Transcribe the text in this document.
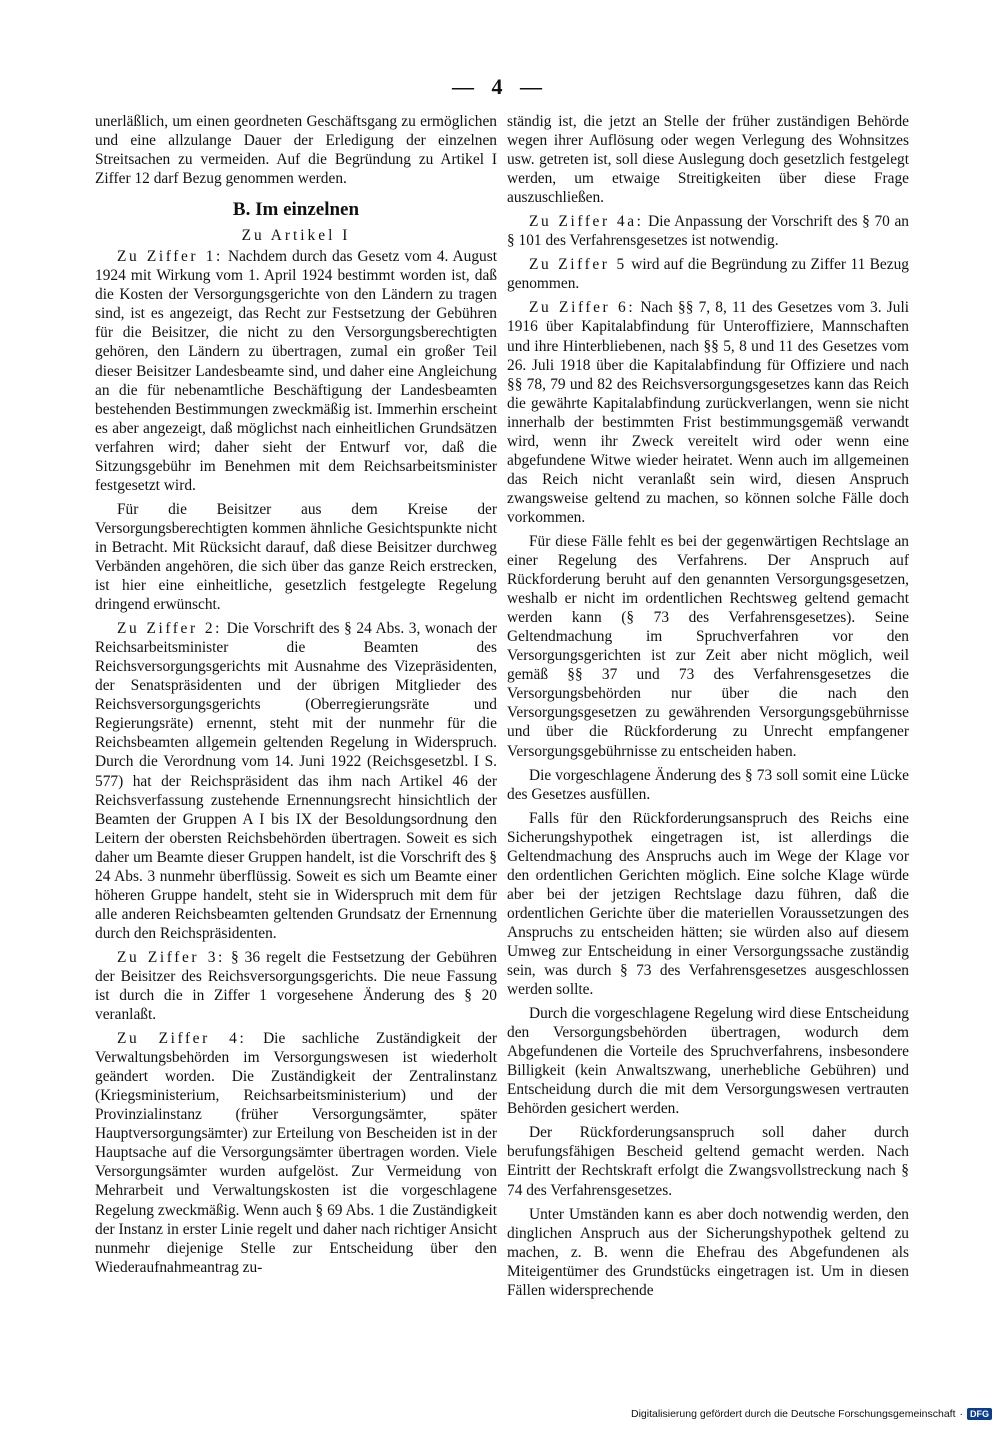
— 4 —

unerläßlich, um einen geordneten Geschäftsgang zu ermöglichen und eine allzulange Dauer der Erledigung der einzelnen Streitsachen zu vermeiden. Auf die Begründung zu Artikel I Ziffer 12 darf Bezug genommen werden.

B. Im einzelnen
Zu Artikel I

Zu Ziffer 1: Nachdem durch das Gesetz vom 4. August 1924 mit Wirkung vom 1. April 1924 bestimmt worden ist, daß die Kosten der Versorgungsgerichte von den Ländern zu tragen sind, ist es angezeigt, das Recht zur Festsetzung der Gebühren für die Beisitzer, die nicht zu den Versorgungsberechtigten gehören, den Ländern zu übertragen, zumal ein großer Teil dieser Beisitzer Landesbeamte sind, und daher eine Angleichung an die für nebenamtliche Beschäftigung der Landesbeamten bestehenden Bestimmungen zweckmäßig ist. Immerhin erscheint es aber angezeigt, daß möglichst nach einheitlichen Grundsätzen verfahren wird; daher sieht der Entwurf vor, daß die Sitzungsgebühr im Benehmen mit dem Reichsarbeitsminister festgesetzt wird.

Für die Beisitzer aus dem Kreise der Versorgungsberechtigten kommen ähnliche Gesichtspunkte nicht in Betracht. Mit Rücksicht darauf, daß diese Beisitzer durchweg Verbänden angehören, die sich über das ganze Reich erstrecken, ist hier eine einheitliche, gesetzlich festgelegte Regelung dringend erwünscht.

Zu Ziffer 2: Die Vorschrift des § 24 Abs. 3, wonach der Reichsarbeitsminister die Beamten des Reichsversorgungsgerichts mit Ausnahme des Vizepräsidenten, der Senatspräsidenten und der übrigen Mitglieder des Reichsversorgungsgerichts (Oberregierungsräte und Regierungsräte) ernennt, steht mit der nunmehr für die Reichsbeamten allgemein geltenden Regelung in Widerspruch. Durch die Verordnung vom 14. Juni 1922 (Reichsgesetzbl. I S. 577) hat der Reichspräsident das ihm nach Artikel 46 der Reichsverfassung zustehende Ernennungsrecht hinsichtlich der Beamten der Gruppen A I bis IX der Besoldungsordnung den Leitern der obersten Reichsbehörden übertragen. Soweit es sich daher um Beamte dieser Gruppen handelt, ist die Vorschrift des § 24 Abs. 3 nunmehr überflüssig. Soweit es sich um Beamte einer höheren Gruppe handelt, steht sie in Widerspruch mit dem für alle anderen Reichsbeamten geltenden Grundsatz der Ernennung durch den Reichspräsidenten.

Zu Ziffer 3: § 36 regelt die Festsetzung der Gebühren der Beisitzer des Reichsversorgungsgerichts. Die neue Fassung ist durch die in Ziffer 1 vorgesehene Änderung des § 20 veranlaßt.

Zu Ziffer 4: Die sachliche Zuständigkeit der Verwaltungsbehörden im Versorgungswesen ist wiederholt geändert worden. Die Zuständigkeit der Zentralinstanz (Kriegsministerium, Reichsarbeitsministerium) und der Provinzialinstanz (früher Versorgungsämter, später Hauptversorgungsämter) zur Erteilung von Bescheiden ist in der Hauptsache auf die Versorgungsämter übertragen worden. Viele Versorgungsämter wurden aufgelöst. Zur Vermeidung von Mehrarbeit und Verwaltungskosten ist die vorgeschlagene Regelung zweckmäßig. Wenn auch § 69 Abs. 1 die Zuständigkeit der Instanz in erster Linie regelt und daher nach richtiger Ansicht nunmehr diejenige Stelle zur Entscheidung über den Wiederaufnahmeantrag zu-

ständig ist, die jetzt an Stelle der früher zuständigen Behörde wegen ihrer Auflösung oder wegen Verlegung des Wohnsitzes usw. getreten ist, soll diese Auslegung doch gesetzlich festgelegt werden, um etwaige Streitigkeiten über diese Frage auszuschließen.

Zu Ziffer 4a: Die Anpassung der Vorschrift des § 70 an § 101 des Verfahrensgesetzes ist notwendig.

Zu Ziffer 5 wird auf die Begründung zu Ziffer 11 Bezug genommen.

Zu Ziffer 6: Nach §§ 7, 8, 11 des Gesetzes vom 3. Juli 1916 über Kapitalabfindung für Unteroffiziere, Mannschaften und ihre Hinterbliebenen, nach §§ 5, 8 und 11 des Gesetzes vom 26. Juli 1918 über die Kapitalabfindung für Offiziere und nach §§ 78, 79 und 82 des Reichsversorgungsgesetzes kann das Reich die gewährte Kapitalabfindung zurückverlangen, wenn sie nicht innerhalb der bestimmten Frist bestimmungsgemäß verwandt wird, wenn ihr Zweck vereitelt wird oder wenn eine abgefundene Witwe wieder heiratet. Wenn auch im allgemeinen das Reich nicht veranlaßt sein wird, diesen Anspruch zwangsweise geltend zu machen, so können solche Fälle doch vorkommen.

Für diese Fälle fehlt es bei der gegenwärtigen Rechtslage an einer Regelung des Verfahrens. Der Anspruch auf Rückforderung beruht auf den genannten Versorgungsgesetzen, weshalb er nicht im ordentlichen Rechtsweg geltend gemacht werden kann (§ 73 des Verfahrensgesetzes). Seine Geltendmachung im Spruchverfahren vor den Versorgungsgerichten ist zur Zeit aber nicht möglich, weil gemäß §§ 37 und 73 des Verfahrensgesetzes die Versorgungsbehörden nur über die nach den Versorgungsgesetzen zu gewährenden Versorgungsgebührnisse und über die Rückforderung zu Unrecht empfangener Versorgungsgebührnisse zu entscheiden haben.

Die vorgeschlagene Änderung des § 73 soll somit eine Lücke des Gesetzes ausfüllen.

Falls für den Rückforderungsanspruch des Reichs eine Sicherungshypothek eingetragen ist, ist allerdings die Geltendmachung des Anspruchs auch im Wege der Klage vor den ordentlichen Gerichten möglich. Eine solche Klage würde aber bei der jetzigen Rechtslage dazu führen, daß die ordentlichen Gerichte über die materiellen Voraussetzungen des Anspruchs zu entscheiden hätten; sie würden also auf diesem Umweg zur Entscheidung in einer Versorgungssache zuständig sein, was durch § 73 des Verfahrensgesetzes ausgeschlossen werden sollte.

Durch die vorgeschlagene Regelung wird diese Entscheidung den Versorgungsbehörden übertragen, wodurch dem Abgefundenen die Vorteile des Spruchverfahrens, insbesondere Billigkeit (kein Anwaltszwang, unerhebliche Gebühren) und Entscheidung durch die mit dem Versorgungswesen vertrauten Behörden gesichert werden.

Der Rückforderungsanspruch soll daher durch berufungsfähigen Bescheid geltend gemacht werden. Nach Eintritt der Rechtskraft erfolgt die Zwangsvollstreckung nach § 74 des Verfahrensgesetzes.

Unter Umständen kann es aber doch notwendig werden, den dinglichen Anspruch aus der Sicherungshypothek geltend zu machen, z. B. wenn die Ehefrau des Abgefundenen als Miteigentümer des Grundstücks eingetragen ist. Um in diesen Fällen widersprechende

Digitalisierung gefördert durch die Deutsche Forschungsgemeinschaft · DFG
